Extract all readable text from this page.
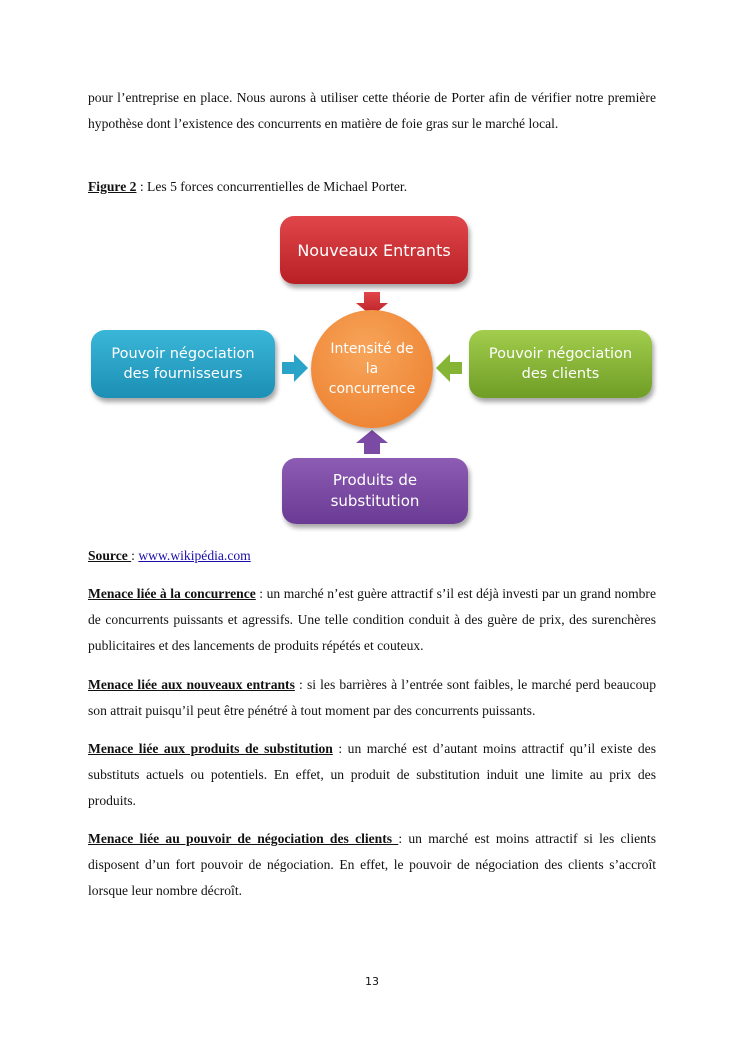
pour l’entreprise en place. Nous aurons à utiliser cette théorie de Porter afin de vérifier notre première hypothèse dont l’existence des concurrents en matière de foie gras sur le marché local.

Figure 2 : Les 5 forces concurrentielles de Michael Porter.

Nouveaux Entrants
Pouvoir négociation des fournisseurs
Pouvoir négociation des clients
Produits de substitution
Intensité de la concurrence

Source : www.wikipédia.com

Menace liée à la concurrence : un marché n’est guère attractif s’il est déjà investi par un grand nombre de concurrents puissants et agressifs. Une telle condition conduit à des guère de prix, des surenchères publicitaires et des lancements de produits répétés et couteux.

Menace liée aux nouveaux entrants : si les barrières à l’entrée sont faibles, le marché perd beaucoup son attrait puisqu’il peut être pénétré à tout moment par des concurrents puissants.

Menace liée aux produits de substitution : un marché est d’autant moins attractif qu’il existe des substituts actuels ou potentiels. En effet, un produit de substitution induit une limite au prix des produits.

Menace liée au pouvoir de négociation des clients : un marché est moins attractif si les clients disposent d’un fort pouvoir de négociation. En effet, le pouvoir de négociation des clients s’accroît lorsque leur nombre décroît.

13
